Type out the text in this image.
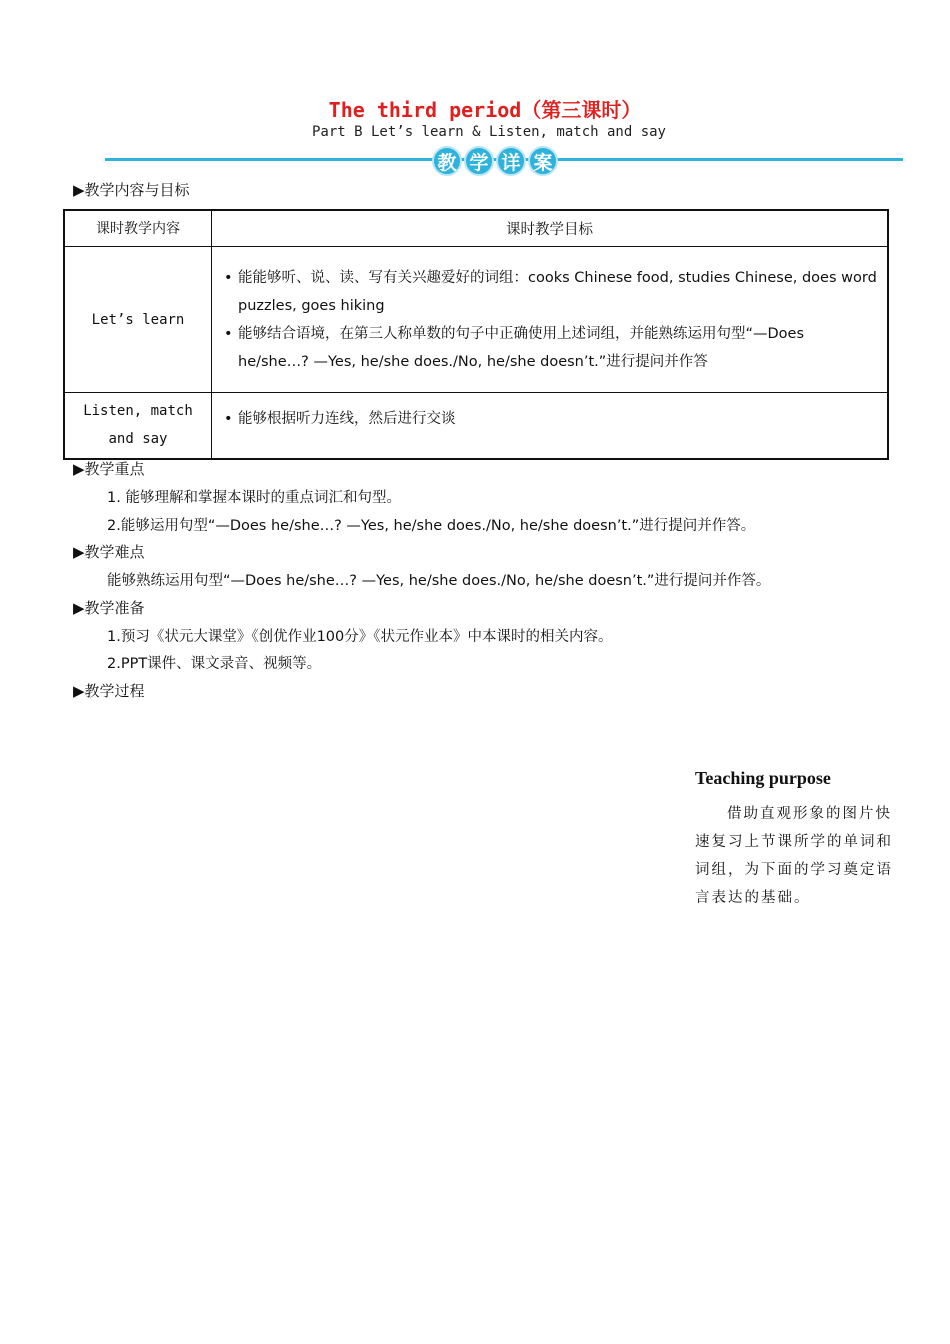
The third period（第三课时）
Part B Let’s learn & Listen, match and say
教 学 详 案
▶教学内容与目标
课时教学内容	课时教学目标
Let’s learn	• 能能够听、说、读、写有关兴趣爱好的词组：cooks Chinese food, studies Chinese, does word puzzles, goes hiking
• 能够结合语境，在第三人称单数的句子中正确使用上述词组，并能熟练运用句型“—Does he/she…? —Yes, he/she does./No, he/she doesn’t.”进行提问并作答

Listen, match
and say	• 能够根据听力连线，然后进行交谈
▶教学重点
1. 能够理解和掌握本课时的重点词汇和句型。
2.能够运用句型“—Does he/she…? —Yes, he/she does./No, he/she doesn’t.”进行提问并作答。
▶教学难点
能够熟练运用句型“—Does he/she…? —Yes, he/she does./No, he/she doesn’t.”进行提问并作答。
▶教学准备
1.预习《状元大课堂》《创优作业100分》《状元作业本》中本课时的相关内容。
2.PPT课件、课文录音、视频等。
▶教学过程
Teaching purpose
借助直观形象的图片快速复习上节课所学的单词和词组，为下面的学习奠定语言表达的基础。
